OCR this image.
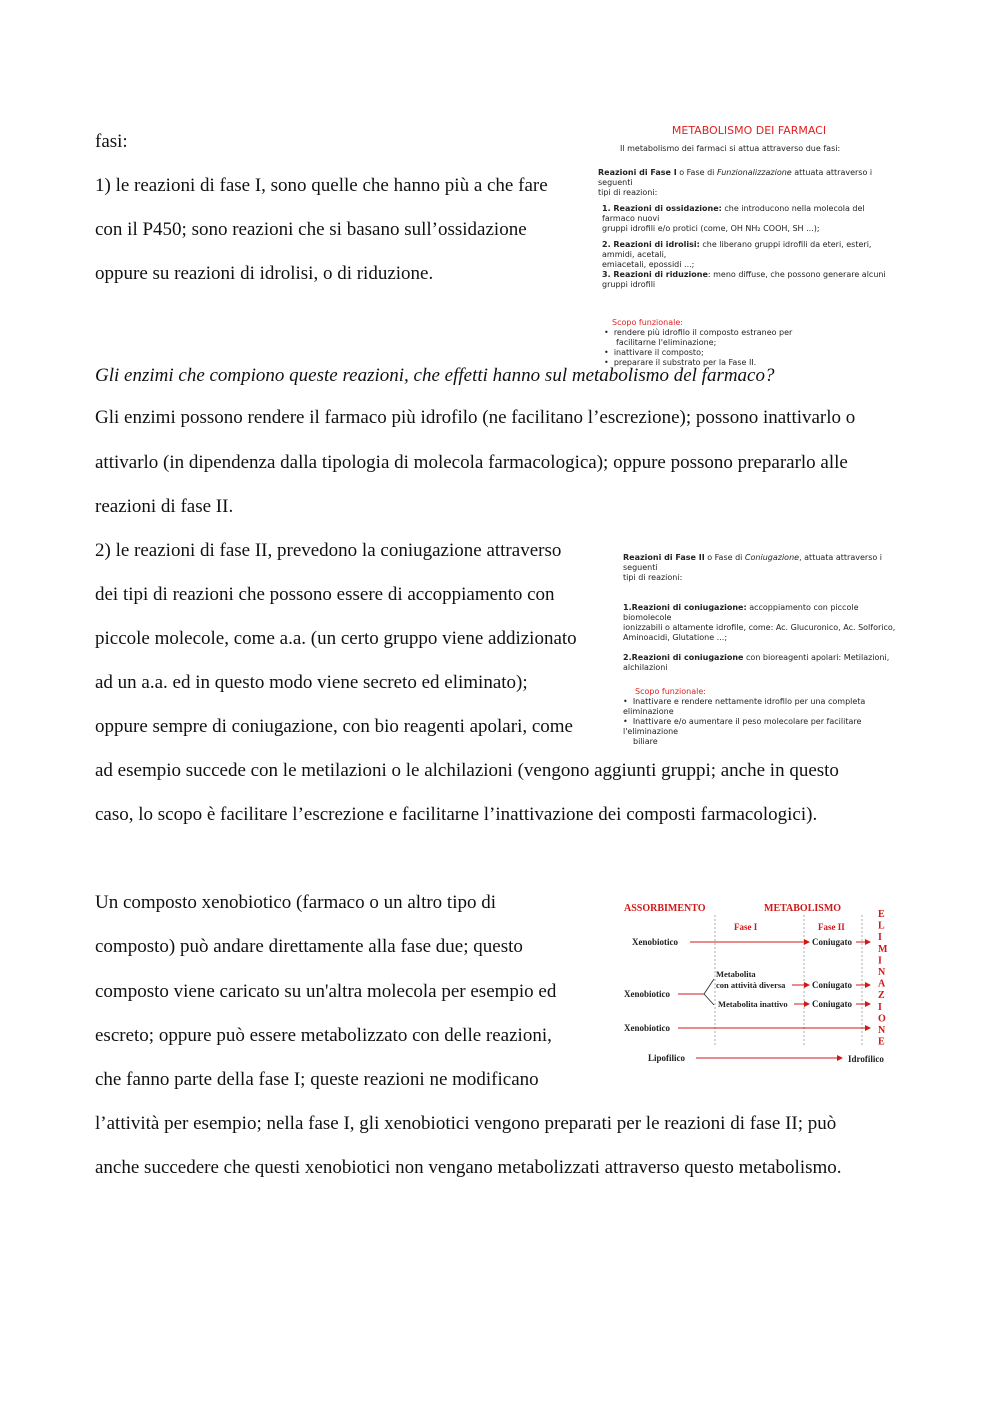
fasi:
1) le reazioni di fase I, sono quelle che hanno più a che fare
con il P450; sono reazioni che si basano sull’ossidazione
oppure su reazioni di idrolisi, o di riduzione.
Gli enzimi che compiono queste reazioni, che effetti hanno sul metabolismo del farmaco?
Gli enzimi possono rendere il farmaco più idrofilo (ne facilitano l’escrezione); possono inattivarlo o
attivarlo (in dipendenza dalla tipologia di molecola farmacologica); oppure possono prepararlo alle
reazioni di fase II.
2) le reazioni di fase II, prevedono la coniugazione attraverso
dei tipi di reazioni che possono essere di accoppiamento con
piccole molecole, come a.a. (un certo gruppo viene addizionato
ad un a.a. ed in questo modo viene secreto ed eliminato);
oppure sempre di coniugazione, con bio reagenti apolari, come
ad esempio succede con le metilazioni o le alchilazioni (vengono aggiunti gruppi; anche in questo
caso, lo scopo è facilitare l’escrezione e facilitarne l’inattivazione dei composti farmacologici).
Un composto xenobiotico (farmaco o un altro tipo di
composto) può andare direttamente alla fase due; questo
composto viene caricato su un'altra molecola per esempio ed
escreto; oppure può essere metabolizzato con delle reazioni,
che fanno parte della fase I; queste reazioni ne modificano
l’attività per esempio; nella fase I, gli xenobiotici vengono preparati per le reazioni di fase II; può
anche succedere che questi xenobiotici non vengano metabolizzati attraverso questo metabolismo.
METABOLISMO DEI FARMACI
Il metabolismo dei farmaci si attua attraverso due fasi:
Reazioni di Fase I o Fase di Funzionalizzazione attuata attraverso i seguenti
tipi di reazioni:
1. Reazioni di ossidazione: che introducono nella molecola del farmaco nuovi
gruppi idrofili e/o protici (come, OH NH₂ COOH, SH ...);
2. Reazioni di idrolisi: che liberano gruppi idrofili da eteri, esteri, ammidi, acetali,
emiacetali, epossidi ...;
3. Reazioni di riduzione: meno diffuse, che possono generare alcuni gruppi idrofili
Scopo funzionale:
•  rendere più idrofilo il composto estraneo per
facilitarne l'eliminazione;
•  inattivare il composto;
•  preparare il substrato per la Fase II.
Reazioni di Fase II o Fase di Coniugazione, attuata attraverso i seguenti
tipi di reazioni:
1.Reazioni di coniugazione: accoppiamento con piccole biomolecole
ionizzabili o altamente idrofile, come: Ac. Glucuronico, Ac. Solforico,
Aminoacidi, Glutatione ...;
2.Reazioni di coniugazione con bioreagenti apolari: Metilazioni, alchilazioni
Scopo funzionale:
•  Inattivare e rendere nettamente idrofilo per una completa eliminazione
•  Inattivare e/o aumentare il peso molecolare per facilitare l'eliminazione
biliare
ASSORBIMENTO	METABOLISMO
Fase I	Fase II
Xenobiotico	Coniugato
Xenobiotico
Metabolita
con attività diversa	Coniugato
Metabolita inattivo	Coniugato
Xenobiotico
Lipofilico	Idrofilico
E
L
I
M
I
N
A
Z
I
O
N
E
